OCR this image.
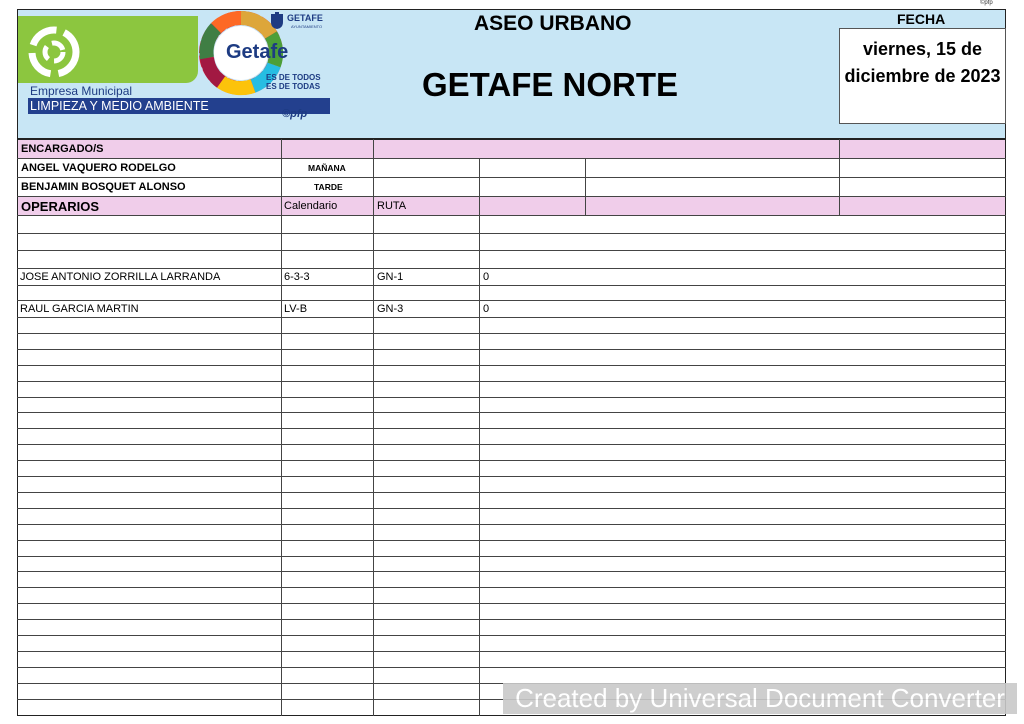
©pfp
Empresa Municipal
LIMPIEZA Y MEDIO AMBIENTE
Getafe
GETAFE
AYUNTAMIENTO
ES DE TODOS
ES DE TODAS
©pfp
ASEO URBANO
GETAFE NORTE
FECHA
viernes, 15 de diciembre de 2023
ENCARGADO/S
ANGEL VAQUERO RODELGO	MAÑANA
BENJAMIN BOSQUET ALONSO	TARDE
OPERARIOS	Calendario	RUTA
JOSE ANTONIO ZORRILLA LARRANDA	6-3-3	GN-1	0
RAUL GARCIA MARTIN	LV-B	GN-3	0
Created by Universal Document Converter
